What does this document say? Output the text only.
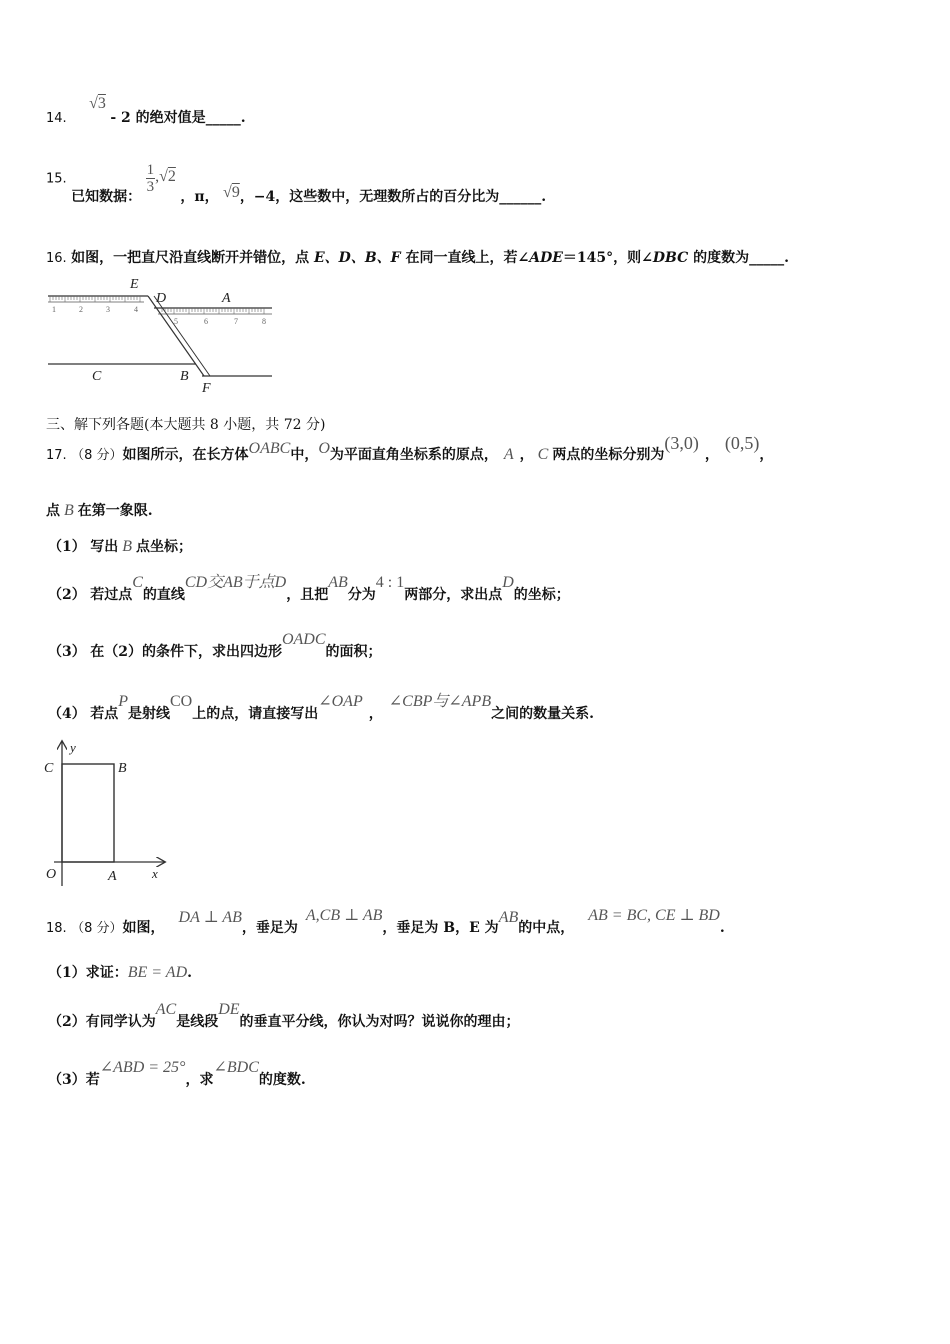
14. √3 - 2 的绝对值是_____.
15. 已知数据：
$\frac{1}{3} ,√2$ ，π， √9，−4，这些数中，无理数所占的百分比为______.
16. 如图，一把直尺沿直线断开并错位，点 E、D、B、F 在同一直线上，若∠ADE＝145°，则∠DBC 的度数为_____.
1	2	3	4
5	6	7	8
E
D	A
C	B
F
三、解下列各题(本大题共 8 小题，共 72 分)
17. （8 分）如图所示，在长方体OABC中，O为平面直角坐标系的原点， A ， C 两点的坐标分别为(3,0)，(0,5)，
点 B 在第一象限.
（1） 写出 B 点坐标；
（2） 若过点C的直线CD交AB于点D，且把AB分为4 : 1两部分，求出点D的坐标；
（3） 在（2）的条件下，求出四边形OADC的面积；
（4） 若点P是射线CO上的点，请直接写出∠OAP，∠CBP与∠APB之间的数量关系.
y
C	B
O	A	x
18. （8 分）如图，DA ⊥ AB，垂足为A,CB ⊥ AB，垂足为 B，E 为AB的中点，AB = BC, CE ⊥ BD.
（1）求证：BE = AD.
（2）有同学认为AC是线段DE的垂直平分线，你认为对吗？说说你的理由；
（3）若∠ABD = 25°，求∠BDC的度数.
